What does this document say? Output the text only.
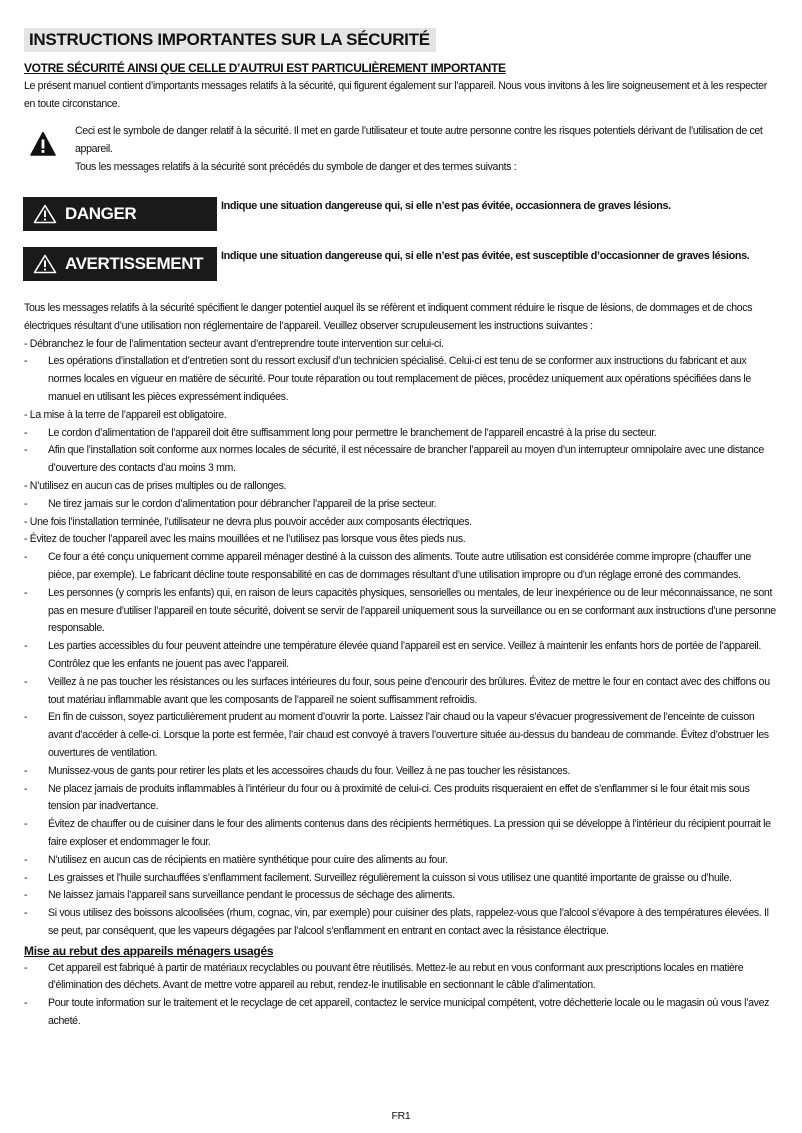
INSTRUCTIONS IMPORTANTES SUR LA SÉCURITÉ
VOTRE SÉCURITÉ AINSI QUE CELLE D’AUTRUI EST PARTICULIÈREMENT IMPORTANTE
Le présent manuel contient d’importants messages relatifs à la sécurité, qui figurent également sur l’appareil. Nous vous invitons à les lire soigneusement et à les respecter en toute circonstance.
Ceci est le symbole de danger relatif à la sécurité. Il met en garde l’utilisateur et toute autre personne contre les risques potentiels dérivant de l’utilisation de cet appareil.
Tous les messages relatifs à la sécurité sont précédés du symbole de danger et des termes suivants :
DANGER	Indique une situation dangereuse qui, si elle n’est pas évitée, occasionnera de graves lésions.
AVERTISSEMENT Indique une situation dangereuse qui, si elle n’est pas évitée, est susceptible d’occasionner de graves lésions.
Tous les messages relatifs à la sécurité spécifient le danger potentiel auquel ils se réfèrent et indiquent comment réduire le risque de lésions, de dommages et de chocs électriques résultant d’une utilisation non réglementaire de l’appareil. Veuillez observer scrupuleusement les instructions suivantes :
- Débranchez le four de l’alimentation secteur avant d’entreprendre toute intervention sur celui-ci.
- Les opérations d’installation et d’entretien sont du ressort exclusif d’un technicien spécialisé. Celui-ci est tenu de se conformer aux instructions du fabricant et aux normes locales en vigueur en matière de sécurité. Pour toute réparation ou tout remplacement de pièces, procédez uniquement aux opérations spécifiées dans le manuel en utilisant les pièces expressément indiquées.
- La mise à la terre de l’appareil est obligatoire.
- Le cordon d’alimentation de l’appareil doit être suffisamment long pour permettre le branchement de l’appareil encastré à la prise du secteur.
- Afin que l’installation soit conforme aux normes locales de sécurité, il est nécessaire de brancher l’appareil au moyen d’un interrupteur omnipolaire avec une distance d’ouverture des contacts d’au moins 3 mm.
- N’utilisez en aucun cas de prises multiples ou de rallonges.
- Ne tirez jamais sur le cordon d’alimentation pour débrancher l’appareil de la prise secteur.
- Une fois l’installation terminée, l’utilisateur ne devra plus pouvoir accéder aux composants électriques.
- Évitez de toucher l’appareil avec les mains mouillées et ne l’utilisez pas lorsque vous êtes pieds nus.
- Ce four a été conçu uniquement comme appareil ménager destiné à la cuisson des aliments. Toute autre utilisation est considérée comme impropre (chauffer une pièce, par exemple). Le fabricant décline toute responsabilité en cas de dommages résultant d’une utilisation impropre ou d’un réglage erroné des commandes.
- Les personnes (y compris les enfants) qui, en raison de leurs capacités physiques, sensorielles ou mentales, de leur inexpérience ou de leur méconnaissance, ne sont pas en mesure d’utiliser l’appareil en toute sécurité, doivent se servir de l’appareil uniquement sous la surveillance ou en se conformant aux instructions d’une personne responsable.
- Les parties accessibles du four peuvent atteindre une température élevée quand l’appareil est en service. Veillez à maintenir les enfants hors de portée de l’appareil. Contrôlez que les enfants ne jouent pas avec l’appareil.
- Veillez à ne pas toucher les résistances ou les surfaces intérieures du four, sous peine d’encourir des brûlures. Évitez de mettre le four en contact avec des chiffons ou tout matériau inflammable avant que les composants de l’appareil ne soient suffisamment refroidis.
- En fin de cuisson, soyez particulièrement prudent au moment d’ouvrir la porte. Laissez l’air chaud ou la vapeur s’évacuer progressivement de l’enceinte de cuisson avant d’accéder à celle-ci. Lorsque la porte est fermée, l’air chaud est convoyé à travers l’ouverture située au-dessus du bandeau de commande. Évitez d’obstruer les ouvertures de ventilation.
- Munissez-vous de gants pour retirer les plats et les accessoires chauds du four. Veillez à ne pas toucher les résistances.
- Ne placez jamais de produits inflammables à l’intérieur du four ou à proximité de celui-ci. Ces produits risqueraient en effet de s’enflammer si le four était mis sous tension par inadvertance.
- Évitez de chauffer ou de cuisiner dans le four des aliments contenus dans des récipients hermétiques. La pression qui se développe à l’intérieur du récipient pourrait le faire exploser et endommager le four.
- N’utilisez en aucun cas de récipients en matière synthétique pour cuire des aliments au four.
- Les graisses et l’huile surchauffées s’enflamment facilement. Surveillez régulièrement la cuisson si vous utilisez une quantité importante de graisse ou d’huile.
- Ne laissez jamais l’appareil sans surveillance pendant le processus de séchage des aliments.
- Si vous utilisez des boissons alcoolisées (rhum, cognac, vin, par exemple) pour cuisiner des plats, rappelez-vous que l’alcool s’évapore à des températures élevées. Il se peut, par conséquent, que les vapeurs dégagées par l’alcool s’enflamment en entrant en contact avec la résistance électrique.
Mise au rebut des appareils ménagers usagés
- Cet appareil est fabriqué à partir de matériaux recyclables ou pouvant être réutilisés. Mettez-le au rebut en vous conformant aux prescriptions locales en matière d’élimination des déchets. Avant de mettre votre appareil au rebut, rendez-le inutilisable en sectionnant le câble d’alimentation.
- Pour toute information sur le traitement et le recyclage de cet appareil, contactez le service municipal compétent, votre déchetterie locale ou le magasin où vous l’avez acheté.
FR1
